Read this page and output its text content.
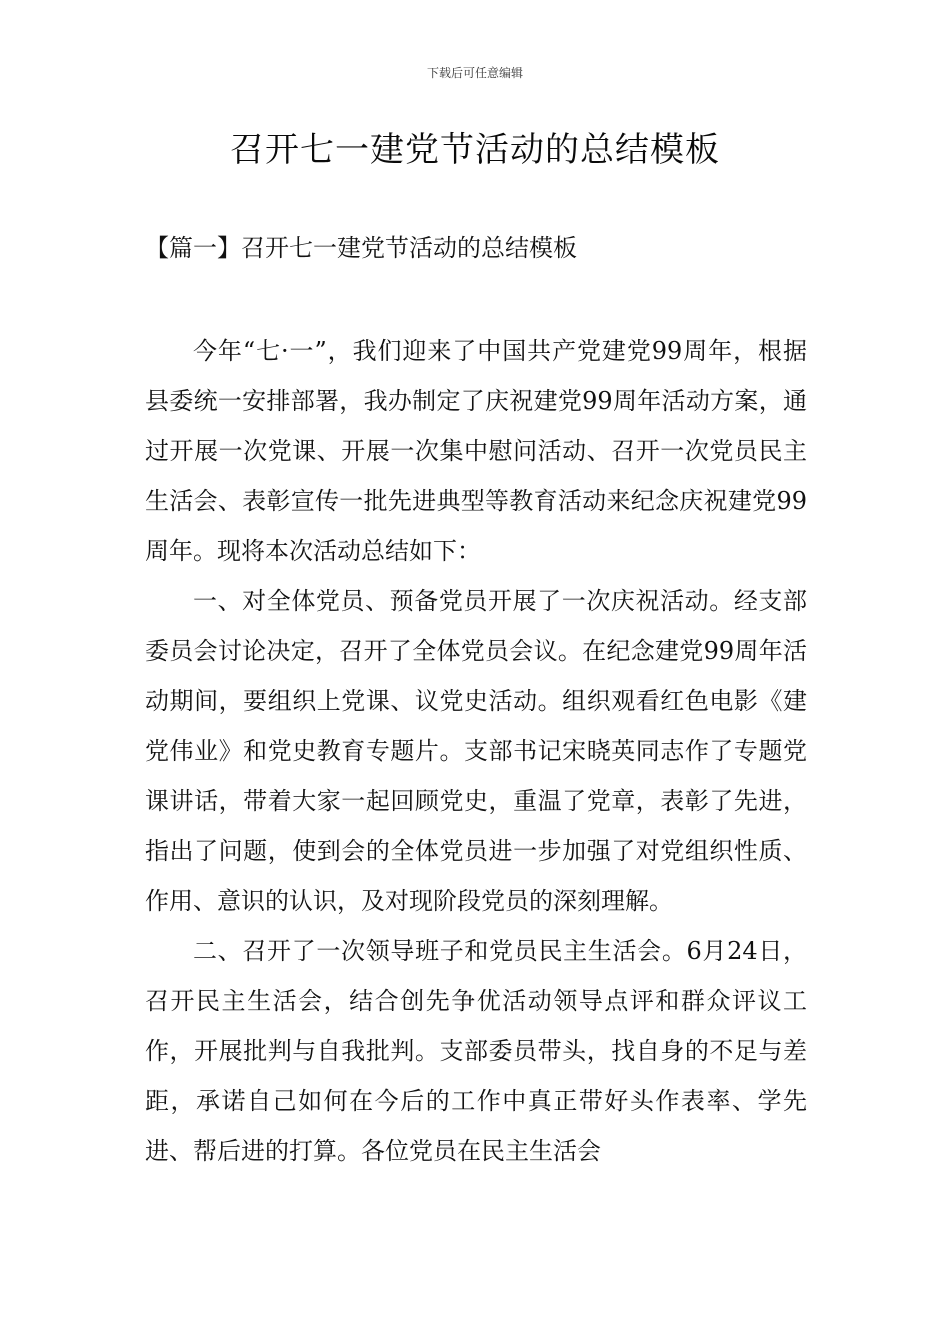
下载后可任意编辑
召开七一建党节活动的总结模板
【篇一】召开七一建党节活动的总结模板

今年“七·一”，我们迎来了中国共产党建党99周年，根据县委统一安排部署，我办制定了庆祝建党99周年活动方案，通过开展一次党课、开展一次集中慰问活动、召开一次党员民主生活会、表彰宣传一批先进典型等教育活动来纪念庆祝建党99周年。现将本次活动总结如下：

一、对全体党员、预备党员开展了一次庆祝活动。经支部委员会讨论决定，召开了全体党员会议。在纪念建党99周年活动期间，要组织上党课、议党史活动。组织观看红色电影《建党伟业》和党史教育专题片。支部书记宋晓英同志作了专题党课讲话，带着大家一起回顾党史，重温了党章，表彰了先进，指出了问题，使到会的全体党员进一步加强了对党组织性质、作用、意识的认识，及对现阶段党员的深刻理解。

二、召开了一次领导班子和党员民主生活会。6月24日，召开民主生活会，结合创先争优活动领导点评和群众评议工作，开展批判与自我批判。支部委员带头，找自身的不足与差距，承诺自己如何在今后的工作中真正带好头作表率、学先进、帮后进的打算。各位党员在民主生活会
